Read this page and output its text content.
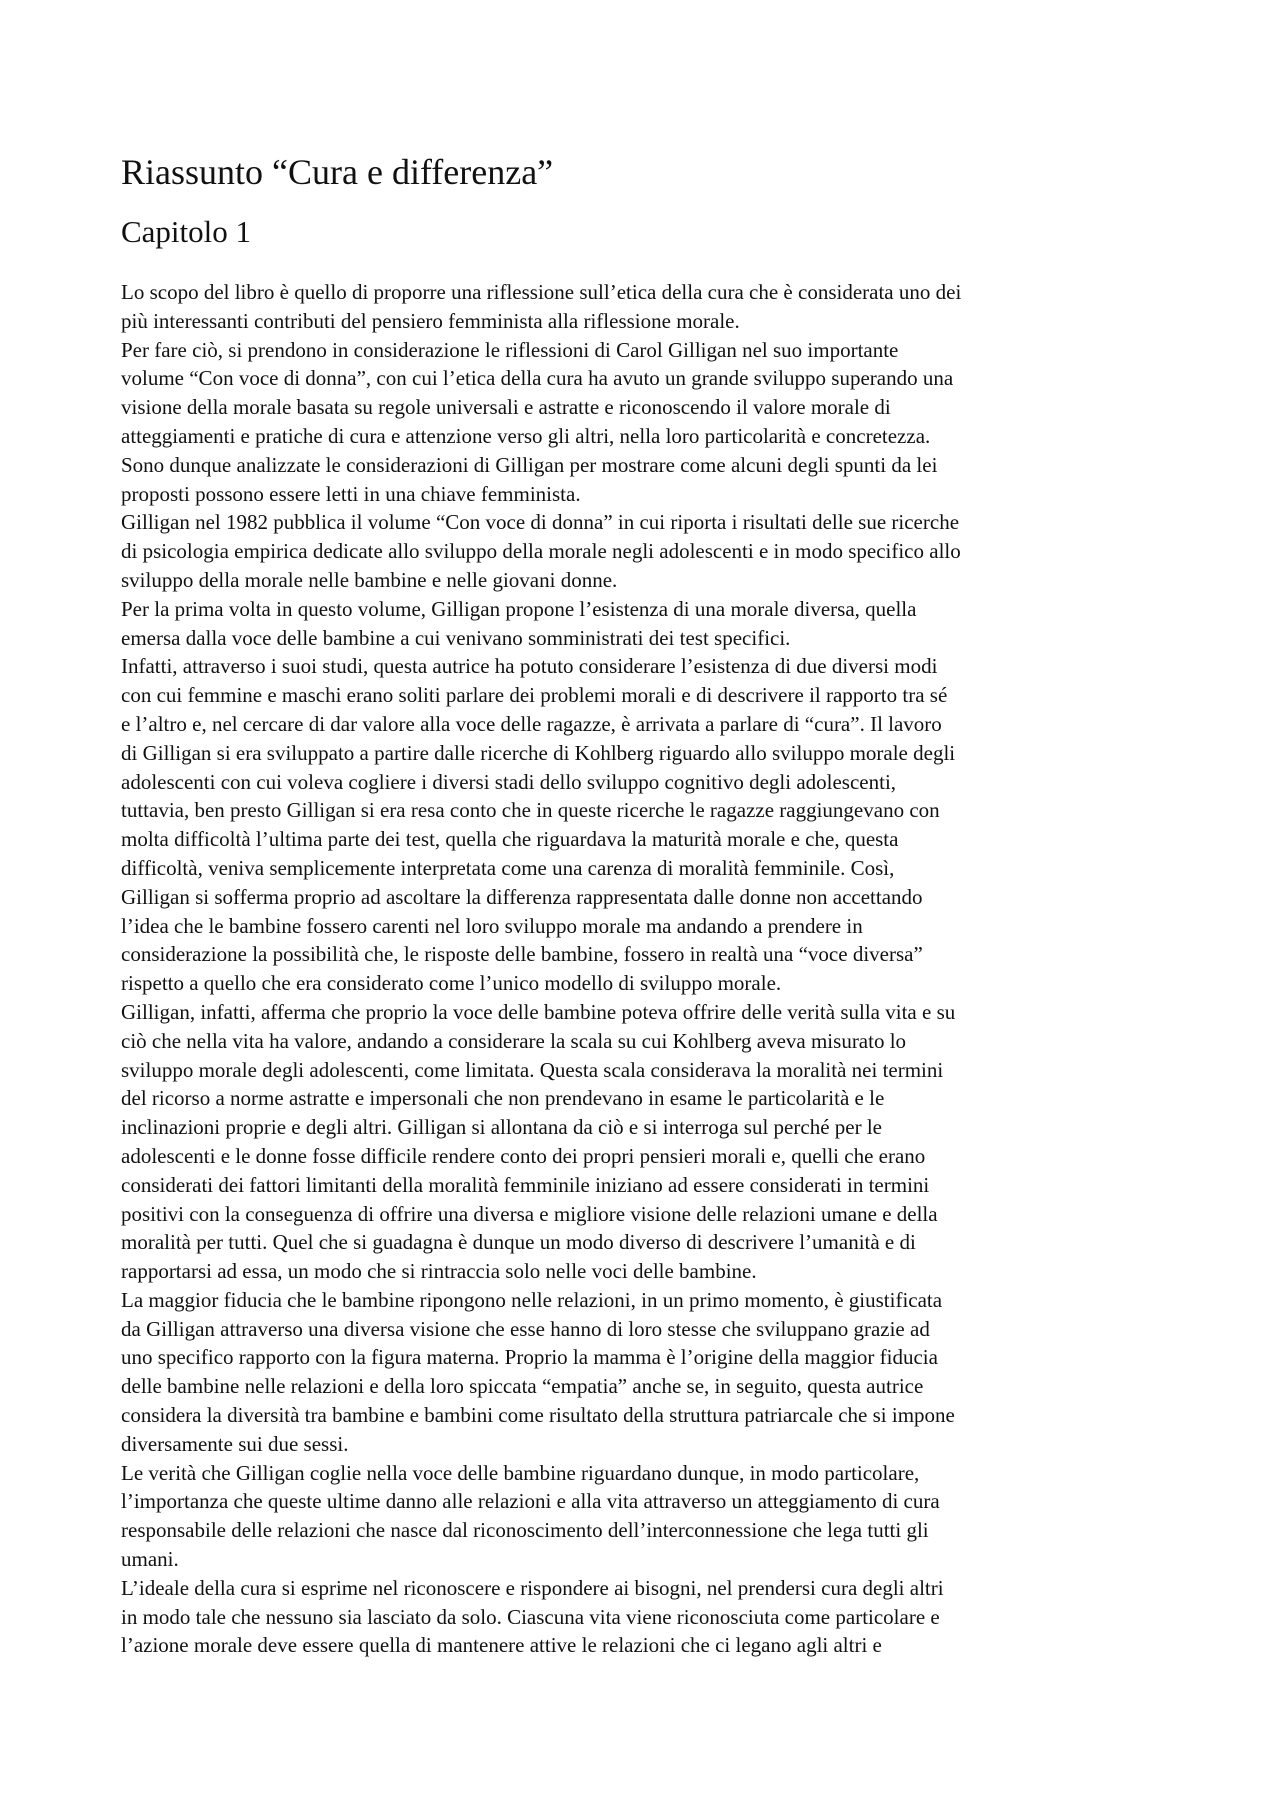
Riassunto “Cura e differenza”
Capitolo 1
Lo scopo del libro è quello di proporre una riflessione sull’etica della cura che è considerata uno dei
più interessanti contributi del pensiero femminista alla riflessione morale.
Per fare ciò, si prendono in considerazione le riflessioni di Carol Gilligan nel suo importante
volume “Con voce di donna”, con cui l’etica della cura ha avuto un grande sviluppo superando una
visione della morale basata su regole universali e astratte e riconoscendo il valore morale di
atteggiamenti e pratiche di cura e attenzione verso gli altri, nella loro particolarità e concretezza.
Sono dunque analizzate le considerazioni di Gilligan per mostrare come alcuni degli spunti da lei
proposti possono essere letti in una chiave femminista.
Gilligan nel 1982 pubblica il volume “Con voce di donna” in cui riporta i risultati delle sue ricerche
di psicologia empirica dedicate allo sviluppo della morale negli adolescenti e in modo specifico allo
sviluppo della morale nelle bambine e nelle giovani donne.
Per la prima volta in questo volume, Gilligan propone l’esistenza di una morale diversa, quella
emersa dalla voce delle bambine a cui venivano somministrati dei test specifici.
Infatti, attraverso i suoi studi, questa autrice ha potuto considerare l’esistenza di due diversi modi
con cui femmine e maschi erano soliti parlare dei problemi morali e di descrivere il rapporto tra sé
e l’altro e, nel cercare di dar valore alla voce delle ragazze, è arrivata a parlare di “cura”. Il lavoro
di Gilligan si era sviluppato a partire dalle ricerche di Kohlberg riguardo allo sviluppo morale degli
adolescenti con cui voleva cogliere i diversi stadi dello sviluppo cognitivo degli adolescenti,
tuttavia, ben presto Gilligan si era resa conto che in queste ricerche le ragazze raggiungevano con
molta difficoltà l’ultima parte dei test, quella che riguardava la maturità morale e che, questa
difficoltà, veniva semplicemente interpretata come una carenza di moralità femminile. Così,
Gilligan si sofferma proprio ad ascoltare la differenza rappresentata dalle donne non accettando
l’idea che le bambine fossero carenti nel loro sviluppo morale ma andando a prendere in
considerazione la possibilità che, le risposte delle bambine, fossero in realtà una “voce diversa”
rispetto a quello che era considerato come l’unico modello di sviluppo morale.
Gilligan, infatti, afferma che proprio la voce delle bambine poteva offrire delle verità sulla vita e su
ciò che nella vita ha valore, andando a considerare la scala su cui Kohlberg aveva misurato lo
sviluppo morale degli adolescenti, come limitata. Questa scala considerava la moralità nei termini
del ricorso a norme astratte e impersonali che non prendevano in esame le particolarità e le
inclinazioni proprie e degli altri. Gilligan si allontana da ciò e si interroga sul perché per le
adolescenti e le donne fosse difficile rendere conto dei propri pensieri morali e, quelli che erano
considerati dei fattori limitanti della moralità femminile iniziano ad essere considerati in termini
positivi con la conseguenza di offrire una diversa e migliore visione delle relazioni umane e della
moralità per tutti. Quel che si guadagna è dunque un modo diverso di descrivere l’umanità e di
rapportarsi ad essa, un modo che si rintraccia solo nelle voci delle bambine.
La maggior fiducia che le bambine ripongono nelle relazioni, in un primo momento, è giustificata
da Gilligan attraverso una diversa visione che esse hanno di loro stesse che sviluppano grazie ad
uno specifico rapporto con la figura materna. Proprio la mamma è l’origine della maggior fiducia
delle bambine nelle relazioni e della loro spiccata “empatia” anche se, in seguito, questa autrice
considera la diversità tra bambine e bambini come risultato della struttura patriarcale che si impone
diversamente sui due sessi.
Le verità che Gilligan coglie nella voce delle bambine riguardano dunque, in modo particolare,
l’importanza che queste ultime danno alle relazioni e alla vita attraverso un atteggiamento di cura
responsabile delle relazioni che nasce dal riconoscimento dell’interconnessione che lega tutti gli
umani.
L’ideale della cura si esprime nel riconoscere e rispondere ai bisogni, nel prendersi cura degli altri
in modo tale che nessuno sia lasciato da solo. Ciascuna vita viene riconosciuta come particolare e
l’azione morale deve essere quella di mantenere attive le relazioni che ci legano agli altri e
